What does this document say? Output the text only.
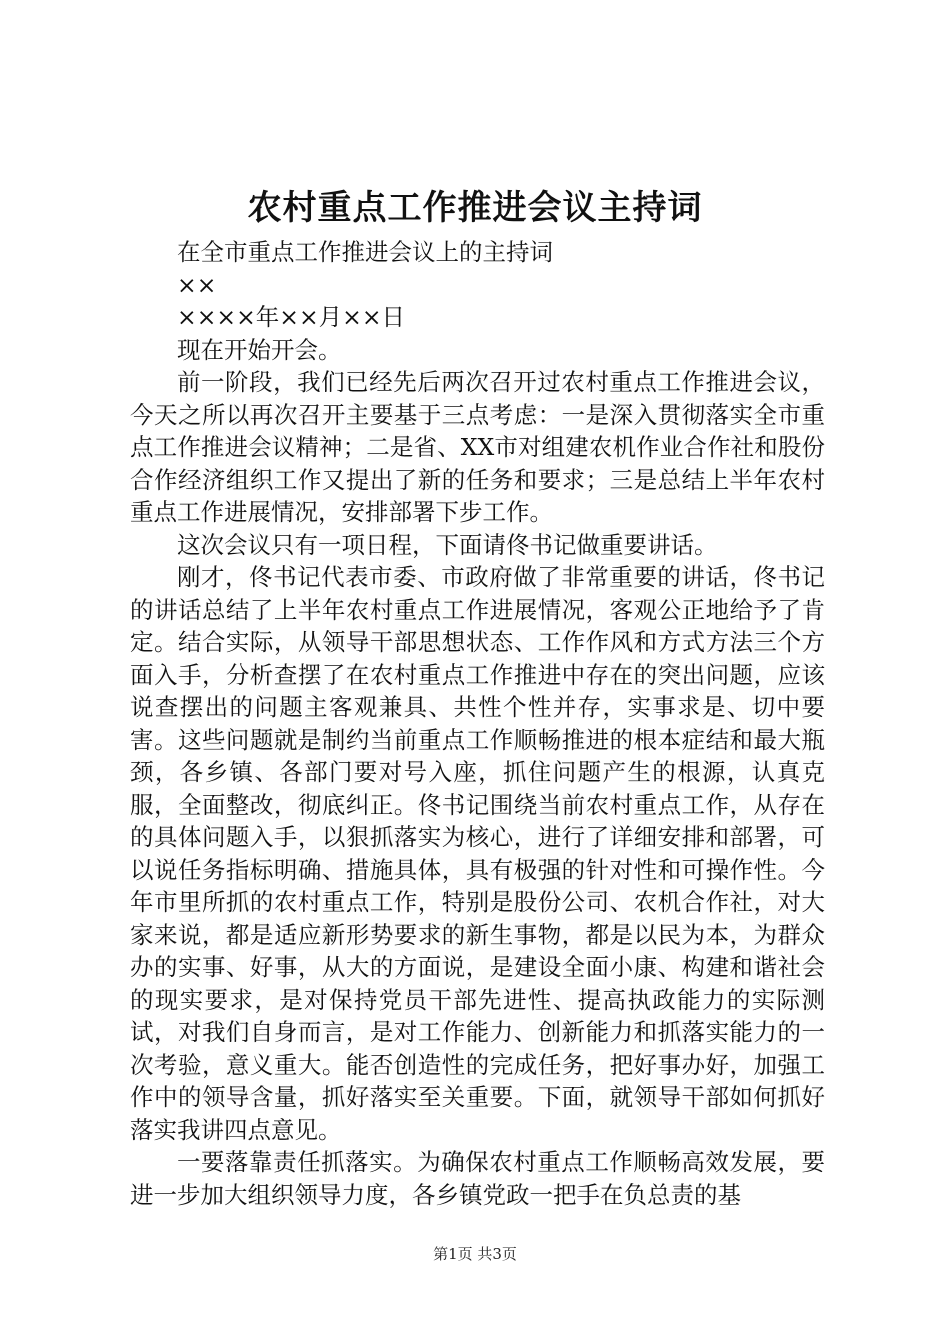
农村重点工作推进会议主持词

在全市重点工作推进会议上的主持词

××

××××年××月××日

现在开始开会。

前一阶段，我们已经先后两次召开过农村重点工作推进会议，今天之所以再次召开主要基于三点考虑：一是深入贯彻落实全市重点工作推进会议精神；二是省、XX市对组建农机作业合作社和股份合作经济组织工作又提出了新的任务和要求；三是总结上半年农村重点工作进展情况，安排部署下步工作。

这次会议只有一项日程，下面请佟书记做重要讲话。

刚才，佟书记代表市委、市政府做了非常重要的讲话，佟书记的讲话总结了上半年农村重点工作进展情况，客观公正地给予了肯定。结合实际，从领导干部思想状态、工作作风和方式方法三个方面入手，分析查摆了在农村重点工作推进中存在的突出问题，应该说查摆出的问题主客观兼具、共性个性并存，实事求是、切中要害。这些问题就是制约当前重点工作顺畅推进的根本症结和最大瓶颈，各乡镇、各部门要对号入座，抓住问题产生的根源，认真克服，全面整改，彻底纠正。佟书记围绕当前农村重点工作，从存在的具体问题入手，以狠抓落实为核心，进行了详细安排和部署，可以说任务指标明确、措施具体，具有极强的针对性和可操作性。今年市里所抓的农村重点工作，特别是股份公司、农机合作社，对大家来说，都是适应新形势要求的新生事物，都是以民为本，为群众办的实事、好事，从大的方面说，是建设全面小康、构建和谐社会的现实要求，是对保持党员干部先进性、提高执政能力的实际测试，对我们自身而言，是对工作能力、创新能力和抓落实能力的一次考验，意义重大。能否创造性的完成任务，把好事办好，加强工作中的领导含量，抓好落实至关重要。下面，就领导干部如何抓好落实我讲四点意见。

一要落靠责任抓落实。为确保农村重点工作顺畅高效发展，要进一步加大组织领导力度，各乡镇党政一把手在负总责的基

第1页 共3页
